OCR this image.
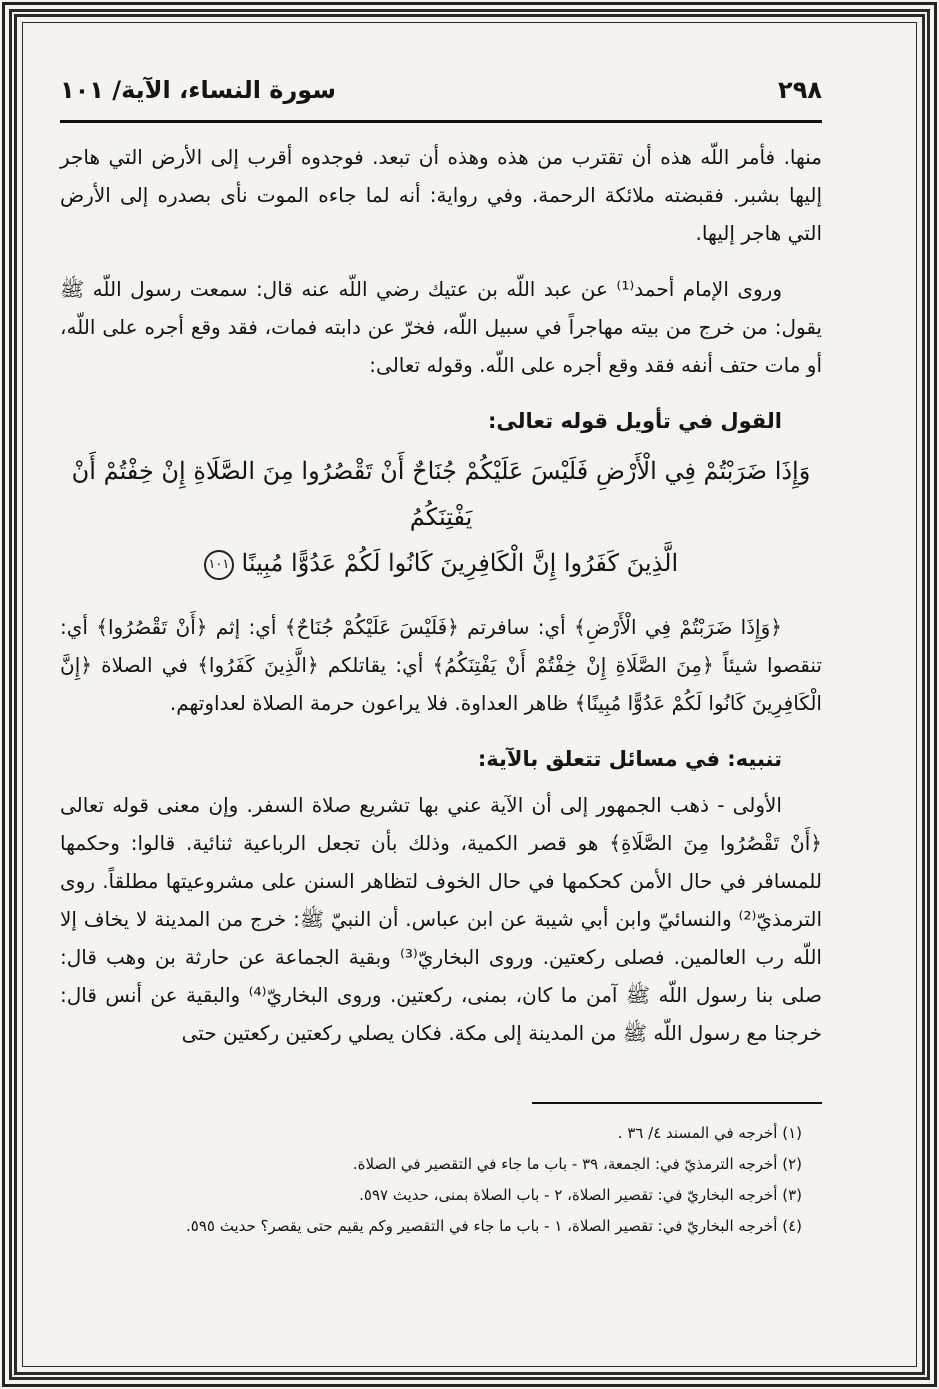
٢٩٨
سورة النساء، الآية/ ١٠١

منها. فأمر اللّه هذه أن تقترب من هذه وهذه أن تبعد. فوجدوه أقرب إلى الأرض التي هاجر إليها بشبر. فقبضته ملائكة الرحمة. وفي رواية: أنه لما جاءه الموت نأى بصدره إلى الأرض التي هاجر إليها.

وروى الإمام أحمد⁽¹⁾ عن عبد اللّه بن عتيك رضي اللّه عنه قال: سمعت رسول اللّه ﷺ يقول: من خرج من بيته مهاجراً في سبيل اللّه، فخرّ عن دابته فمات، فقد وقع أجره على اللّه، أو مات حتف أنفه فقد وقع أجره على اللّه. وقوله تعالى:

القول في تأويل قوله تعالى:
وَإِذَا ضَرَبْتُمْ فِي الْأَرْضِ فَلَيْسَ عَلَيْكُمْ جُنَاحٌ أَنْ تَقْصُرُوا مِنَ الصَّلَاةِ إِنْ خِفْتُمْ أَنْ يَفْتِنَكُمُ
الَّذِينَ كَفَرُوا إِنَّ الْكَافِرِينَ كَانُوا لَكُمْ عَدُوًّا مُبِينًا ١٠١

﴿وَإِذَا ضَرَبْتُمْ فِي الْأَرْضِ﴾ أي: سافرتم ﴿فَلَيْسَ عَلَيْكُمْ جُنَاحٌ﴾ أي: إثم ﴿أَنْ تَقْصُرُوا﴾ أي: تنقصوا شيئاً ﴿مِنَ الصَّلَاةِ إِنْ خِفْتُمْ أَنْ يَفْتِنَكُمُ﴾ أي: يقاتلكم ﴿الَّذِينَ كَفَرُوا﴾ في الصلاة ﴿إِنَّ الْكَافِرِينَ كَانُوا لَكُمْ عَدُوًّا مُبِينًا﴾ ظاهر العداوة. فلا يراعون حرمة الصلاة لعداوتهم.

تنبيه: في مسائل تتعلق بالآية:

الأولى - ذهب الجمهور إلى أن الآية عني بها تشريع صلاة السفر. وإن معنى قوله تعالى ﴿أَنْ تَقْصُرُوا مِنَ الصَّلَاةِ﴾ هو قصر الكمية، وذلك بأن تجعل الرباعية ثنائية. قالوا: وحكمها للمسافر في حال الأمن كحكمها في حال الخوف لتظاهر السنن على مشروعيتها مطلقاً. روى الترمذيّ⁽²⁾ والنسائيّ وابن أبي شيبة عن ابن عباس. أن النبيّ ﷺ: خرج من المدينة لا يخاف إلا اللّه رب العالمين. فصلى ركعتين. وروى البخاريّ⁽³⁾ وبقية الجماعة عن حارثة بن وهب قال: صلى بنا رسول اللّه ﷺ آمن ما كان، بمنى، ركعتين. وروى البخاريّ⁽⁴⁾ والبقية عن أنس قال: خرجنا مع رسول اللّه ﷺ من المدينة إلى مكة. فكان يصلي ركعتين ركعتين حتى

(١) أخرجه في المسند ٤/ ٣٦ .
(٢) أخرجه الترمذيّ في: الجمعة، ٣٩ - باب ما جاء في التقصير في الصلاة.
(٣) أخرجه البخاريّ في: تقصير الصلاة، ٢ - باب الصلاة بمنى، حديث ٥٩٧.
(٤) أخرجه البخاريّ في: تقصير الصلاة، ١ - باب ما جاء في التقصير وكم يقيم حتى يقصر؟ حديث ٥٩٥.
